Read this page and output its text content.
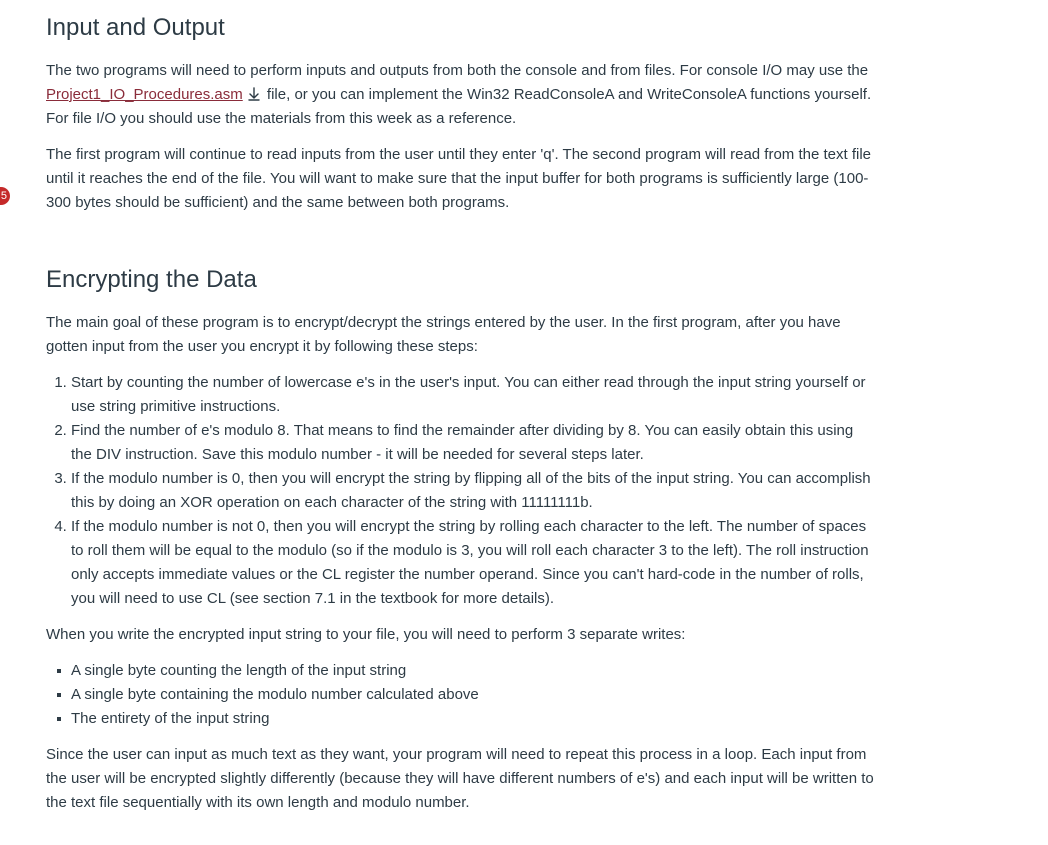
5
Input and Output

The two programs will need to perform inputs and outputs from both the console and from files. For console I/O may use the Project1_IO_Procedures.asm file, or you can implement the Win32 ReadConsoleA and WriteConsoleA functions yourself. For file I/O you should use the materials from this week as a reference.

The first program will continue to read inputs from the user until they enter 'q'. The second program will read from the text file until it reaches the end of the file. You will want to make sure that the input buffer for both programs is sufficiently large (100-300 bytes should be sufficient) and the same between both programs.

Encrypting the Data

The main goal of these program is to encrypt/decrypt the strings entered by the user. In the first program, after you have gotten input from the user you encrypt it by following these steps:

1. Start by counting the number of lowercase e's in the user's input. You can either read through the input string yourself or use string primitive instructions.
2. Find the number of e's modulo 8. That means to find the remainder after dividing by 8. You can easily obtain this using the DIV instruction. Save this modulo number - it will be needed for several steps later.
3. If the modulo number is 0, then you will encrypt the string by flipping all of the bits of the input string. You can accomplish this by doing an XOR operation on each character of the string with 11111111b.
4. If the modulo number is not 0, then you will encrypt the string by rolling each character to the left. The number of spaces to roll them will be equal to the modulo (so if the modulo is 3, you will roll each character 3 to the left). The roll instruction only accepts immediate values or the CL register the number operand. Since you can't hard-code in the number of rolls, you will need to use CL (see section 7.1 in the textbook for more details).

When you write the encrypted input string to your file, you will need to perform 3 separate writes:

A single byte counting the length of the input string
A single byte containing the modulo number calculated above
The entirety of the input string

Since the user can input as much text as they want, your program will need to repeat this process in a loop. Each input from the user will be encrypted slightly differently (because they will have different numbers of e's) and each input will be written to the text file sequentially with its own length and modulo number.
